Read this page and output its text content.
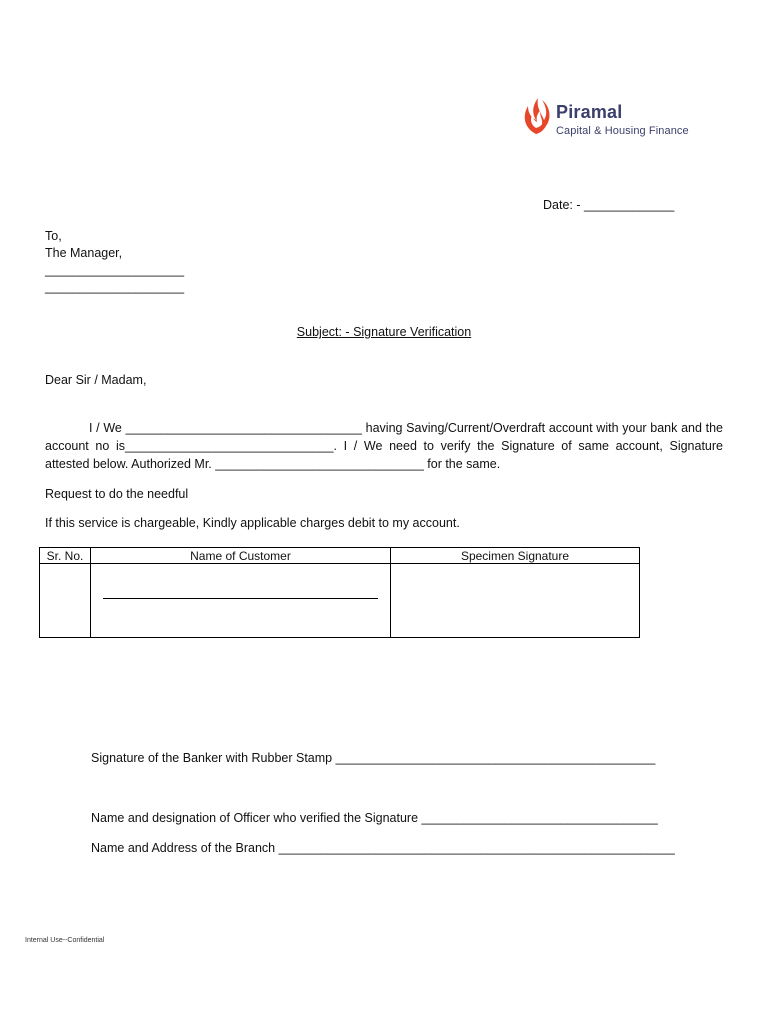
Piramal
Capital & Housing Finance
Date: - _____________
To,
The Manager,
____________________
____________________
Subject: - Signature Verification
Dear Sir / Madam,

I / We __________________________________ having Saving/Current/Overdraft account with your bank and the account no is______________________________. I / We need to verify the Signature of same account, Signature attested below. Authorized Mr. ______________________________ for the same.

Request to do the needful
If this service is chargeable, Kindly applicable charges debit to my account.
Sr. No.	Name of Customer	Specimen Signature

Signature of the Banker with Rubber Stamp ______________________________________________
Name and designation of Officer who verified the Signature __________________________________
Name and Address of the Branch _________________________________________________________
Internal Use--Confidential
